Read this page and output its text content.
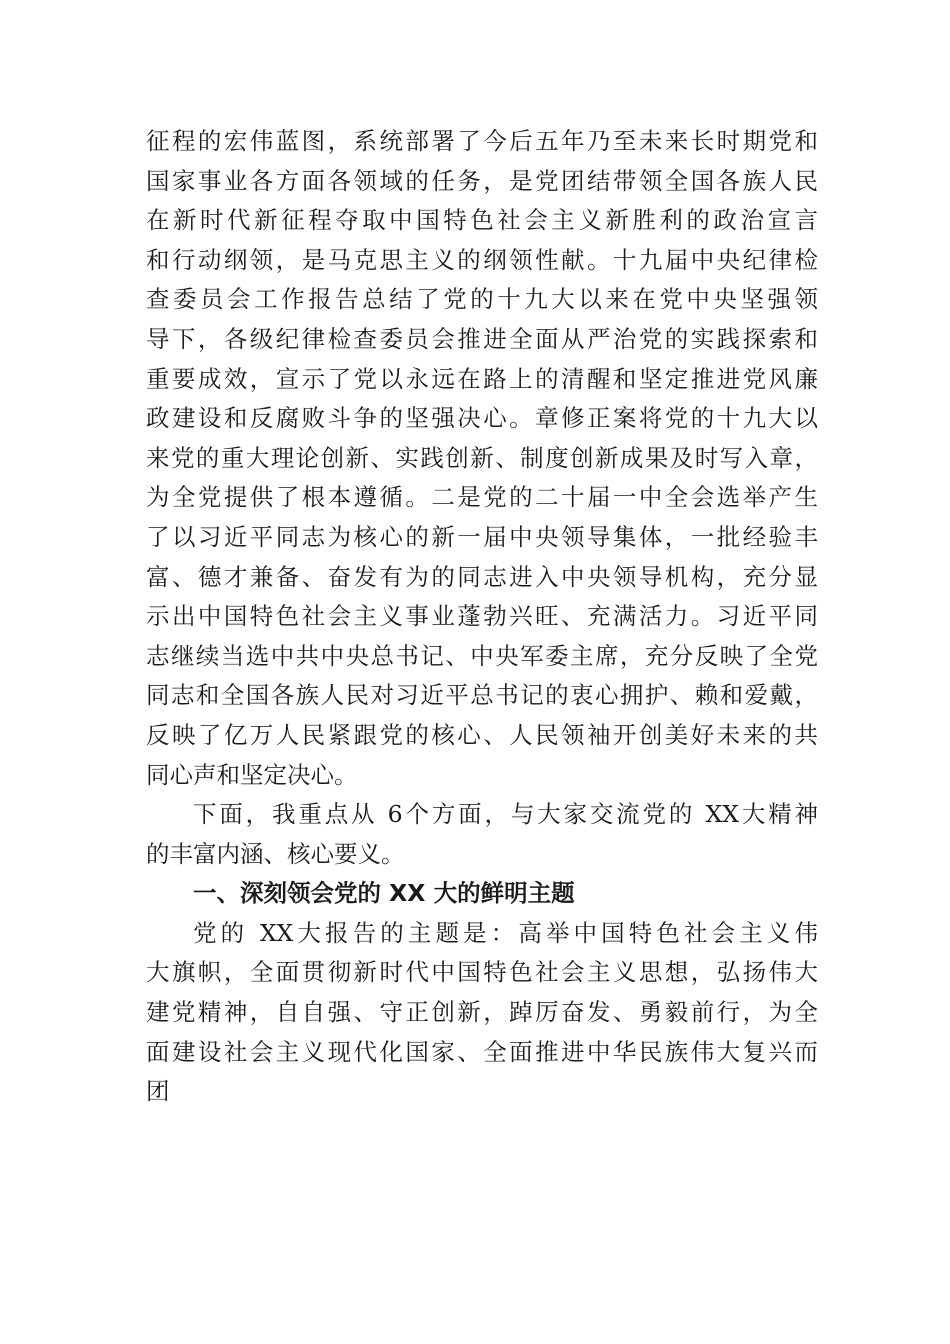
征程的宏伟蓝图，系统部署了今后五年乃至未来长时期党和
国家事业各方面各领域的任务，是党团结带领全国各族人民
在新时代新征程夺取中国特色社会主义新胜利的政治宣言
和行动纲领，是马克思主义的纲领性献。十九届中央纪律检
查委员会工作报告总结了党的十九大以来在党中央坚强领
导下，各级纪律检查委员会推进全面从严治党的实践探索和
重要成效，宣示了党以永远在路上的清醒和坚定推进党风廉
政建设和反腐败斗争的坚强决心。章修正案将党的十九大以
来党的重大理论创新、实践创新、制度创新成果及时写入章，
为全党提供了根本遵循。二是党的二十届一中全会选举产生
了以习近平同志为核心的新一届中央领导集体，一批经验丰
富、德才兼备、奋发有为的同志进入中央领导机构，充分显
示出中国特色社会主义事业蓬勃兴旺、充满活力。习近平同
志继续当选中共中央总书记、中央军委主席，充分反映了全党
同志和全国各族人民对习近平总书记的衷心拥护、赖和爱戴，
反映了亿万人民紧跟党的核心、人民领袖开创美好未来的共
同心声和坚定决心。
下面，我重点从 6个方面，与大家交流党的 XX大精神
的丰富内涵、核心要义。
一、深刻领会党的 XX 大的鲜明主题
党的 XX大报告的主题是：高举中国特色社会主义伟
大旗帜，全面贯彻新时代中国特色社会主义思想，弘扬伟大
建党精神，自自强、守正创新，踔厉奋发、勇毅前行，为全
面建设社会主义现代化国家、全面推进中华民族伟大复兴而
团
